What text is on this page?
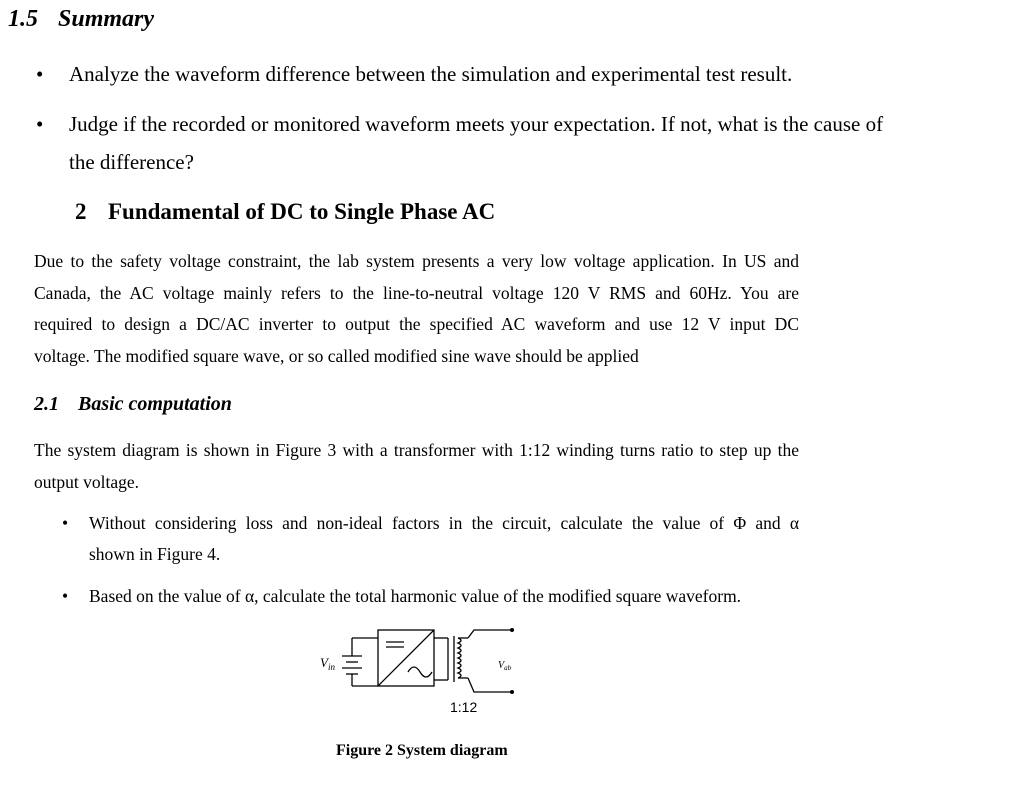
1.5 Summary
• Analyze the waveform difference between the simulation and experimental test result.
• Judge if the recorded or monitored waveform meets your expectation. If not, what is the cause of
the difference?
2 Fundamental of DC to Single Phase AC
Due to the safety voltage constraint, the lab system presents a very low voltage application. In US and
Canada, the AC voltage mainly refers to the line-to-neutral voltage 120 V RMS and 60Hz. You are
required to design a DC/AC inverter to output the specified AC waveform and use 12 V input DC
voltage. The modified square wave, or so called modified sine wave should be applied
2.1 Basic computation
The system diagram is shown in Figure 3 with a transformer with 1:12 winding turns ratio to step up the
output voltage.
• Without considering loss and non-ideal factors in the circuit, calculate the value of Φ and α
shown in Figure 4.
• Based on the value of α, calculate the total harmonic value of the modified square waveform.
$V_{in}$	$V_{ab}$
1:12
Figure 2 System diagram
